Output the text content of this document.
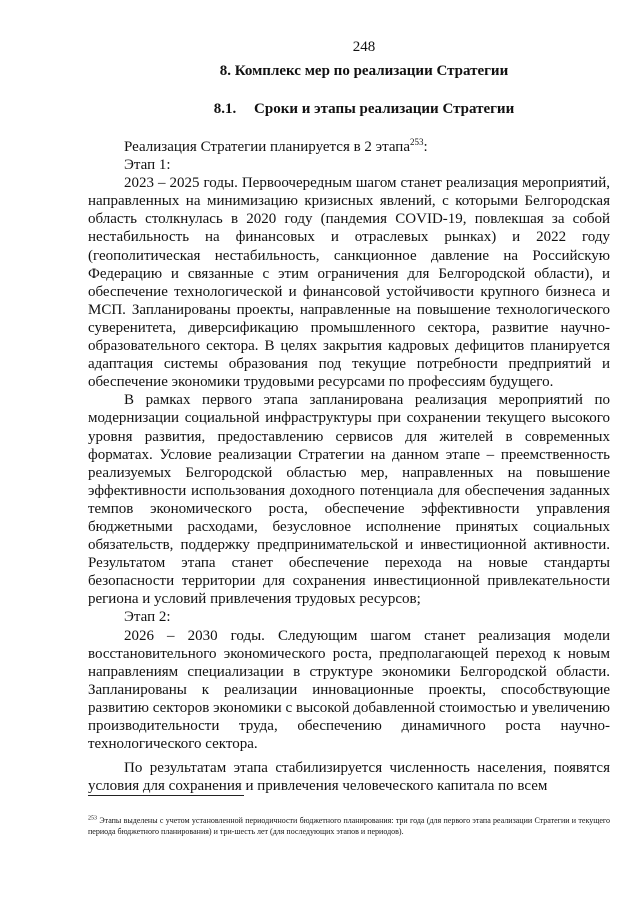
248
8. Комплекс мер по реализации Стратегии
8.1. Сроки и этапы реализации Стратегии

Реализация Стратегии планируется в 2 этапа$^{253}$:

Этап 1:

2023 – 2025 годы. Первоочередным шагом станет реализация мероприятий, направленных на минимизацию кризисных явлений, с которыми Белгородская область столкнулась в 2020 году (пандемия COVID-19, повлекшая за собой нестабильность на финансовых и отраслевых рынках) и 2022 году (геополитическая нестабильность, санкционное давление на Российскую Федерацию и связанные с этим ограничения для Белгородской области), и обеспечение технологической и финансовой устойчивости крупного бизнеса и МСП. Запланированы проекты, направленные на повышение технологического суверенитета, диверсификацию промышленного сектора, развитие научно-образовательного сектора. В целях закрытия кадровых дефицитов планируется адаптация системы образования под текущие потребности предприятий и обеспечение экономики трудовыми ресурсами по профессиям будущего.

В рамках первого этапа запланирована реализация мероприятий по модернизации социальной инфраструктуры при сохранении текущего высокого уровня развития, предоставлению сервисов для жителей в современных форматах. Условие реализации Стратегии на данном этапе – преемственность реализуемых Белгородской областью мер, направленных на повышение эффективности использования доходного потенциала для обеспечения заданных темпов экономического роста, обеспечение эффективности управления бюджетными расходами, безусловное исполнение принятых социальных обязательств, поддержку предпринимательской и инвестиционной активности. Результатом этапа станет обеспечение перехода на новые стандарты безопасности территории для сохранения инвестиционной привлекательности региона и условий привлечения трудовых ресурсов;

Этап 2:

2026 – 2030 годы. Следующим шагом станет реализация модели восстановительного экономического роста, предполагающей переход к новым направлениям специализации в структуре экономики Белгородской области. Запланированы к реализации инновационные проекты, способствующие развитию секторов экономики с высокой добавленной стоимостью и увеличению производительности труда, обеспечению динамичного роста научно-технологического сектора.

По результатам этапа стабилизируется численность населения, появятся условия для сохранения и привлечения человеческого капитала по всем

$^{253}$ Этапы выделены с учетом установленной периодичности бюджетного планирования: три года (для первого этапа реализации Стратегии и текущего периода бюджетного планирования) и три-шесть лет (для последующих этапов и периодов).
